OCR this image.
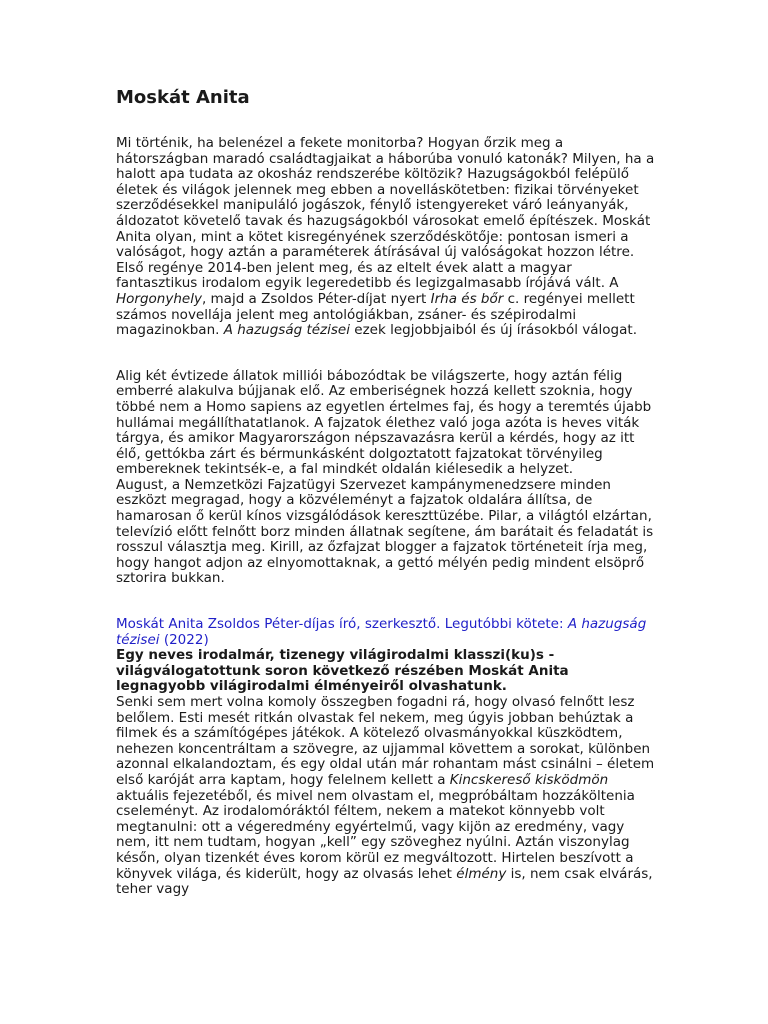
Moskát Anita

Mi történik, ha belenézel a fekete monitorba? Hogyan őrzik meg a hátországban maradó családtagjaikat a háborúba vonuló katonák? Milyen, ha a halott apa tudata az okosház rendszerébe költözik? Hazugságokból felépülő életek és világok jelennek meg ebben a novelláskötetben: fizikai törvényeket szerződésekkel manipuláló jogászok, fénylő istengyereket váró leányanyák, áldozatot követelő tavak és hazugságokból városokat emelő építészek. Moskát Anita olyan, mint a kötet kisregényének szerződéskötője: pontosan ismeri a valóságot, hogy aztán a paraméterek átírásával új valóságokat hozzon létre. Első regénye 2014-ben jelent meg, és az eltelt évek alatt a magyar fantasztikus irodalom egyik legeredetibb és legizgalmasabb írójává vált. A Horgonyhely, majd a Zsoldos Péter-díjat nyert Irha és bőr c. regényei mellett számos novellája jelent meg antológiákban, zsáner- és szépirodalmi magazinokban. A hazugság tézisei ezek legjobbjaiból és új írásokból válogat.

Alig két évtizede állatok milliói bábozódtak be világszerte, hogy aztán félig emberré alakulva bújjanak elő. Az emberiségnek hozzá kellett szoknia, hogy többé nem a Homo sapiens az egyetlen értelmes faj, és hogy a teremtés újabb hullámai megállíthatatlanok. A fajzatok élethez való joga azóta is heves viták tárgya, és amikor Magyarországon népszavazásra kerül a kérdés, hogy az itt élő, gettókba zárt és bérmunkásként dolgoztatott fajzatokat törvényileg embereknek tekintsék-e, a fal mindkét oldalán kiélesedik a helyzet.

August, a Nemzetközi Fajzatügyi Szervezet kampánymenedzsere minden eszközt megragad, hogy a közvéleményt a fajzatok oldalára állítsa, de hamarosan ő kerül kínos vizsgálódások kereszttüzébe. Pilar, a világtól elzártan, televízió előtt felnőtt borz minden állatnak segítene, ám barátait és feladatát is rosszul választja meg. Kirill, az őzfajzat blogger a fajzatok történeteit írja meg, hogy hangot adjon az elnyomottaknak, a gettó mélyén pedig mindent elsöprő sztorira bukkan.

Moskát Anita Zsoldos Péter-díjas író, szerkesztő. Legutóbbi kötete: A hazugság tézisei (2022)

Egy neves irodalmár, tizenegy világirodalmi klasszi(ku)s - világválogatottunk soron következő részében Moskát Anita legnagyobb világirodalmi élményeiről olvashatunk.

Senki sem mert volna komoly összegben fogadni rá, hogy olvasó felnőtt lesz belőlem. Esti mesét ritkán olvastak fel nekem, meg úgyis jobban behúztak a filmek és a számítógépes játékok. A kötelező olvasmányokkal küszködtem, nehezen koncentráltam a szövegre, az ujjammal követtem a sorokat, különben azonnal elkalandoztam, és egy oldal után már rohantam mást csinálni – életem első karóját arra kaptam, hogy felelnem kellett a Kincskereső kisködmön aktuális fejezetéből, és mivel nem olvastam el, megpróbáltam hozzáköltenia cseleményt. Az irodalomóráktól féltem, nekem a matekot könnyebb volt megtanulni: ott a végeredmény egyértelmű, vagy kijön az eredmény, vagy nem, itt nem tudtam, hogyan „kell” egy szöveghez nyúlni. Aztán viszonylag későn, olyan tizenkét éves korom körül ez megváltozott. Hirtelen beszívott a könyvek világa, és kiderült, hogy az olvasás lehet élmény is, nem csak elvárás, teher vagy
